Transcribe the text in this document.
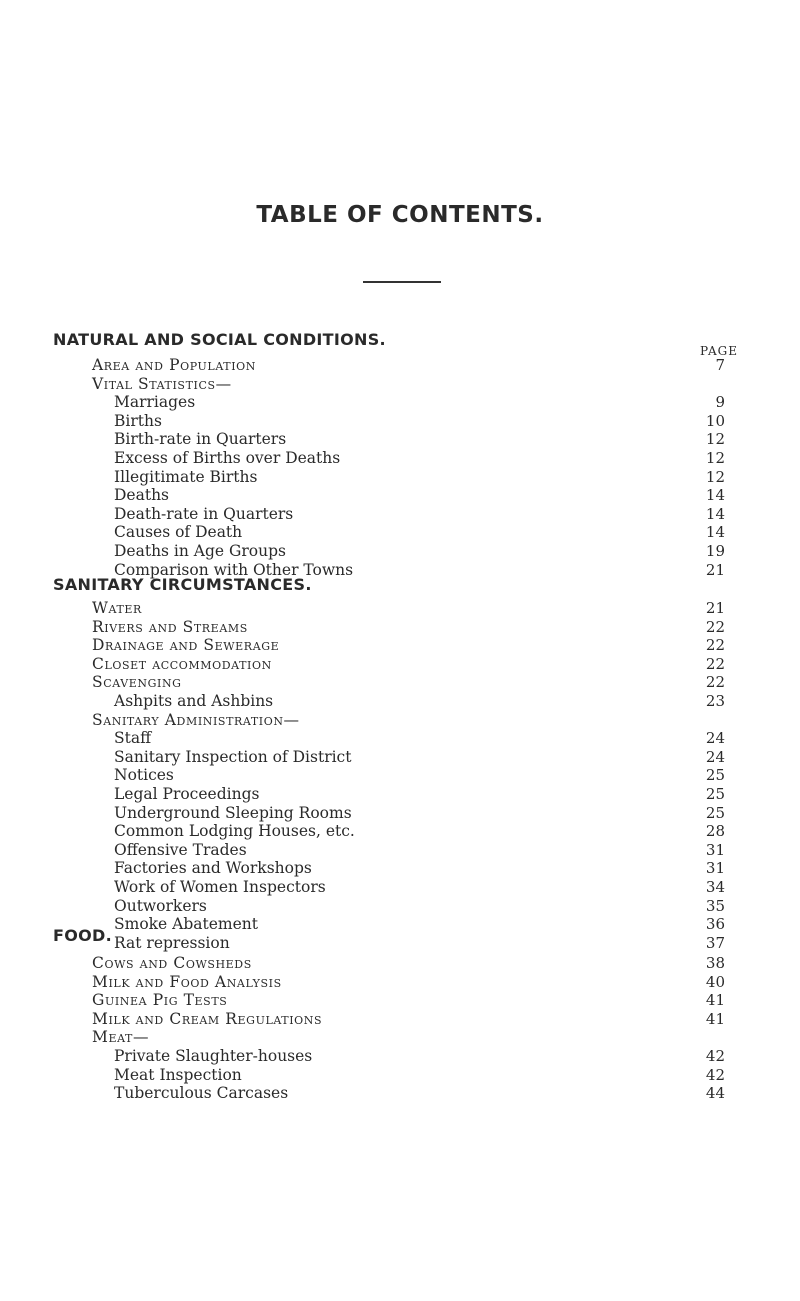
TABLE OF CONTENTS.
PAGE
NATURAL AND SOCIAL CONDITIONS.
Area and Population	7
Vital Statistics—
Marriages	9
Births	10
Birth-rate in Quarters	12
Excess of Births over Deaths	12
Illegitimate Births	12
Deaths	14
Death-rate in Quarters	14
Causes of Death	14
Deaths in Age Groups	19
Comparison with Other Towns	21
SANITARY CIRCUMSTANCES.
Water	21
Rivers and Streams	22
Drainage and Sewerage	22
Closet accommodation	22
Scavenging	22
Ashpits and Ashbins	23
Sanitary Administration—
Staff	24
Sanitary Inspection of District	24
Notices	25
Legal Proceedings	25
Underground Sleeping Rooms	25
Common Lodging Houses, etc.	28
Offensive Trades	31
Factories and Workshops	31
Work of Women Inspectors	34
Outworkers	35
Smoke Abatement	36
Rat repression	37
FOOD.
Cows and Cowsheds	38
Milk and Food Analysis	40
Guinea Pig Tests	41
Milk and Cream Regulations	41
Meat—
Private Slaughter-houses	42
Meat Inspection	42
Tuberculous Carcases	44
